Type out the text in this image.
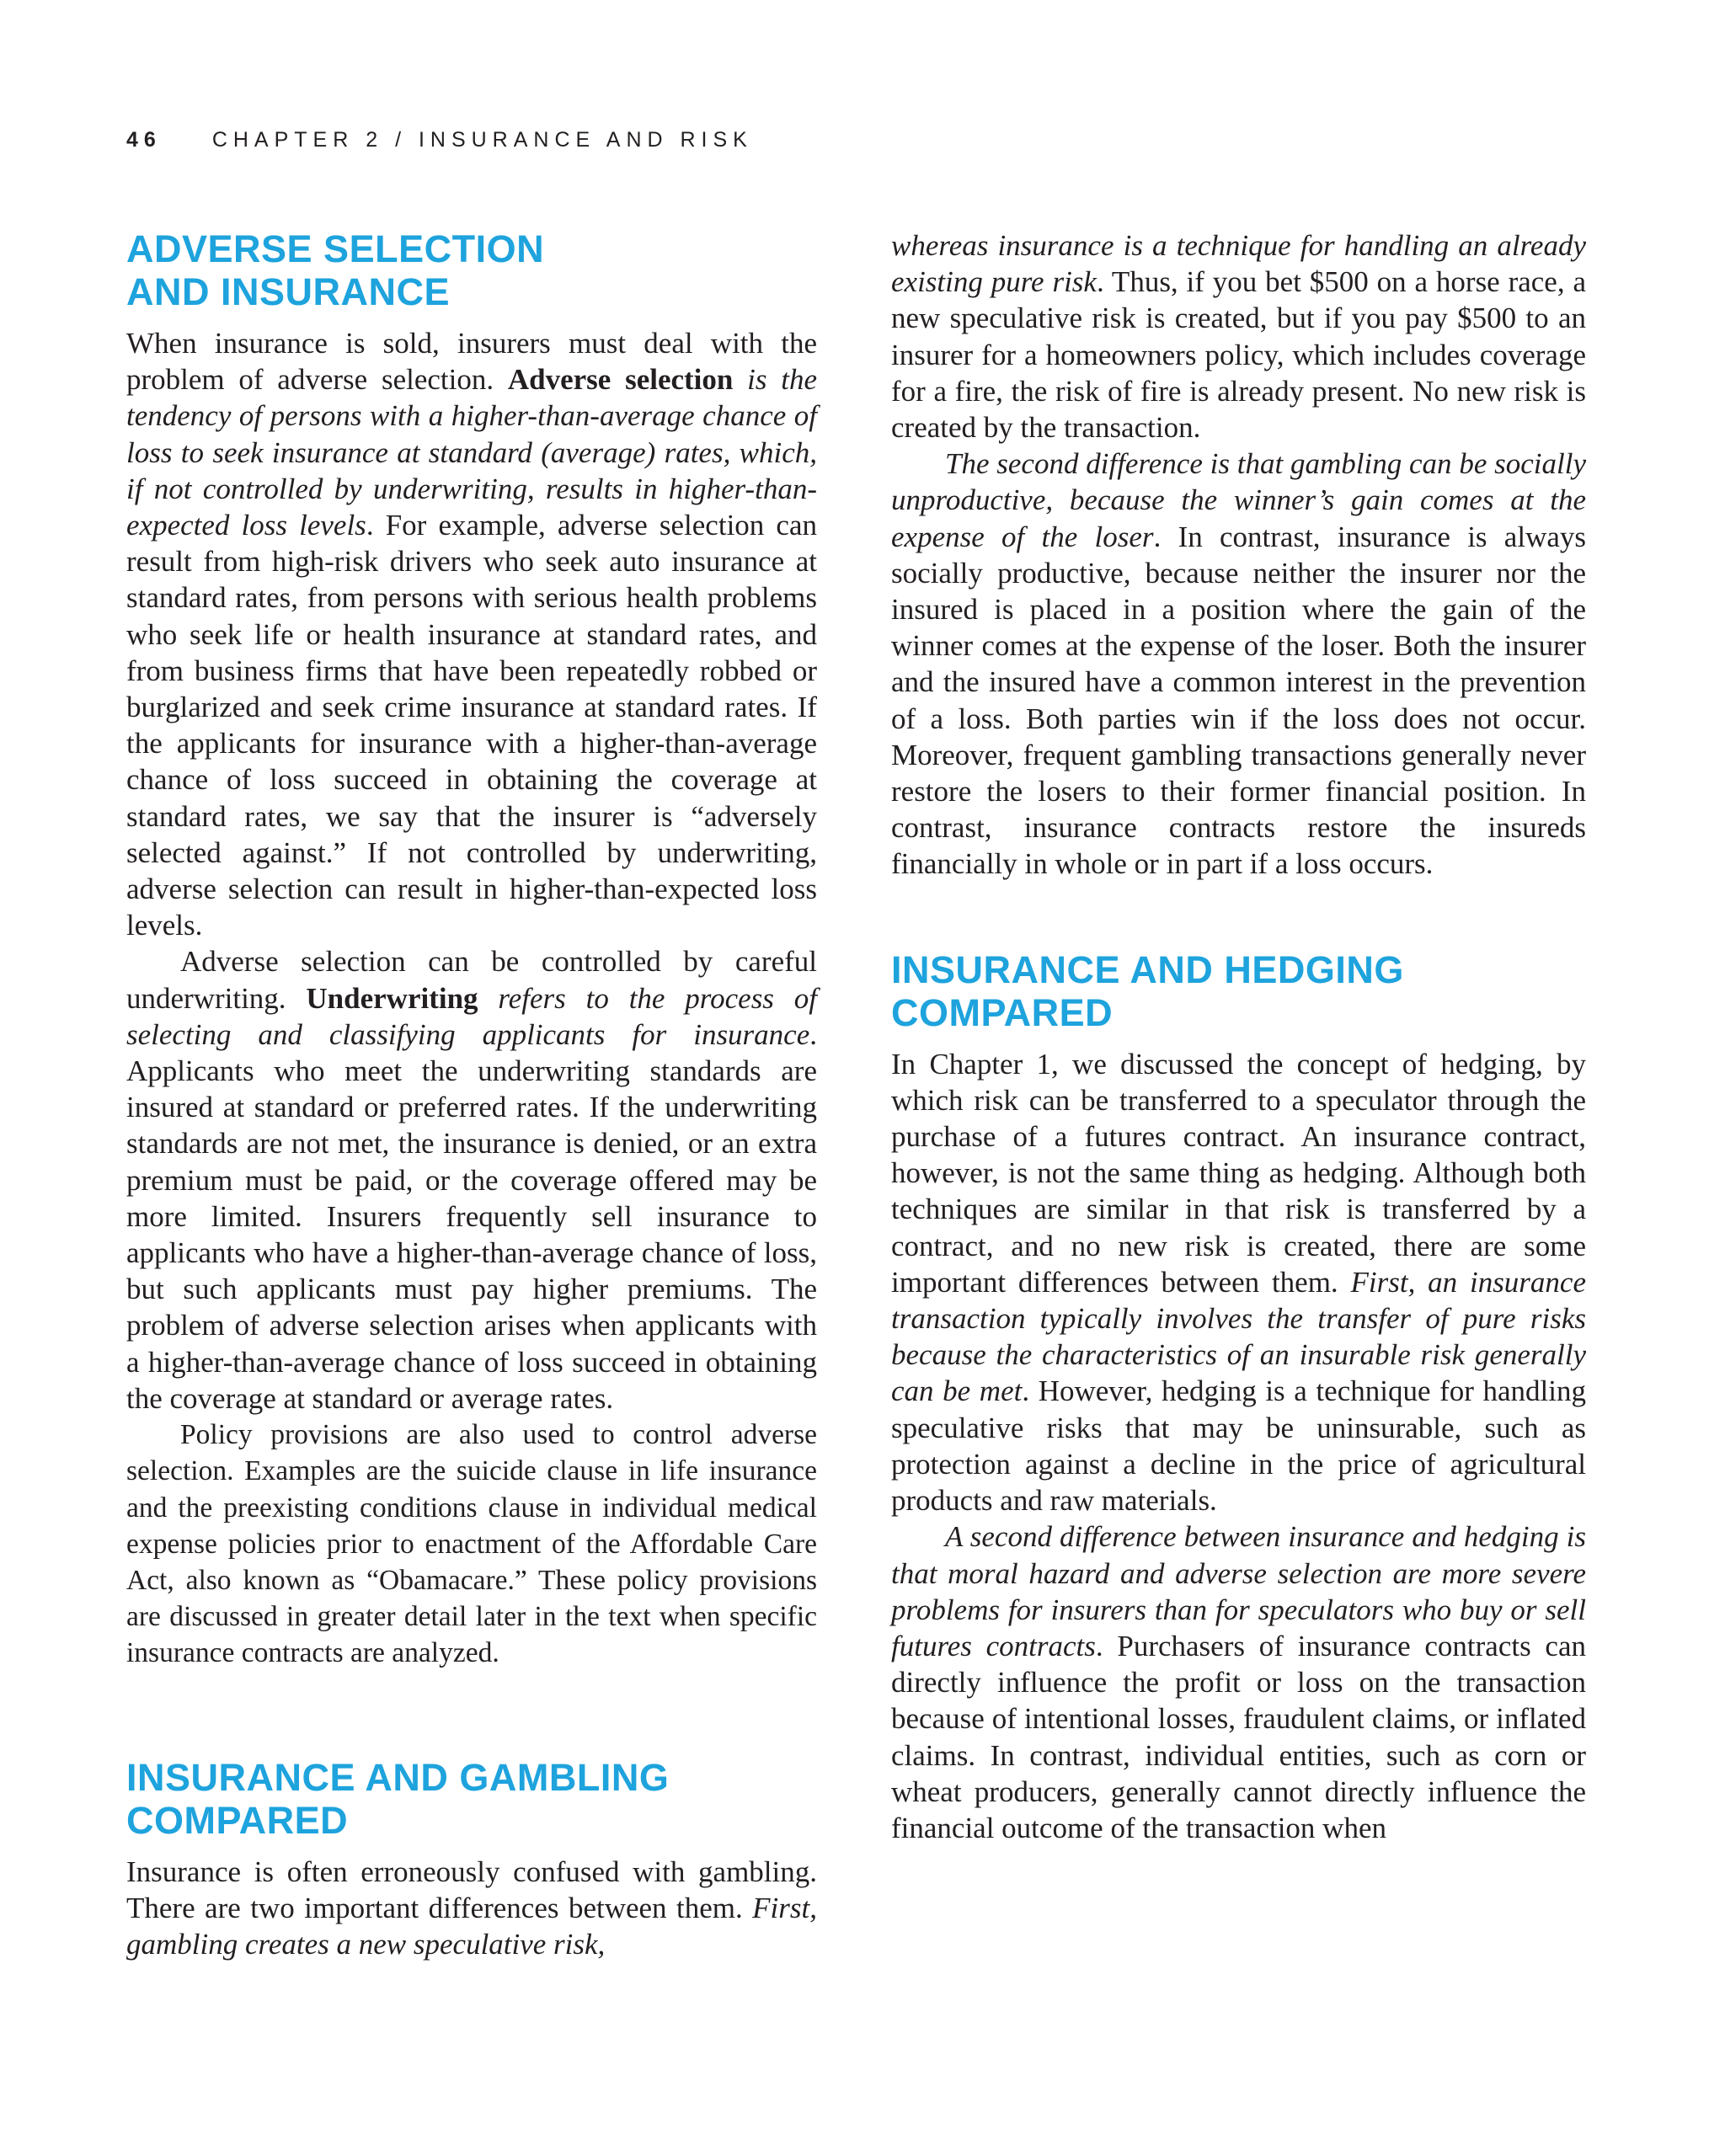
46 CHAPTER 2 / INSURANCE AND RISK
ADVERSE SELECTION
AND INSURANCE

When insurance is sold, insurers must deal with the problem of adverse selection. Adverse selection is the tendency of persons with a higher-than-average chance of loss to seek insurance at standard (average) rates, which, if not controlled by underwriting, results in higher-than-expected loss levels. For example, adverse selection can result from high-risk drivers who seek auto insurance at standard rates, from persons with serious health problems who seek life or health insurance at standard rates, and from business firms that have been repeatedly robbed or burglarized and seek crime insurance at standard rates. If the applicants for insurance with a higher-than-average chance of loss succeed in obtaining the coverage at standard rates, we say that the insurer is “adversely selected against.” If not controlled by underwriting, adverse selection can result in higher-than-expected loss levels.

Adverse selection can be controlled by careful underwriting. Underwriting refers to the process of selecting and classifying applicants for insurance. Applicants who meet the underwriting standards are insured at standard or preferred rates. If the underwriting standards are not met, the insurance is denied, or an extra premium must be paid, or the coverage offered may be more limited. Insurers frequently sell insurance to applicants who have a higher-than-average chance of loss, but such applicants must pay higher premiums. The problem of adverse selection arises when applicants with a higher-than-average chance of loss succeed in obtaining the coverage at standard or average rates.

Policy provisions are also used to control adverse selection. Examples are the suicide clause in life insurance and the preexisting conditions clause in individual medical expense policies prior to enactment of the Affordable Care Act, also known as “Obamacare.” These policy provisions are discussed in greater detail later in the text when specific insurance contracts are analyzed.

INSURANCE AND GAMBLING
COMPARED

Insurance is often erroneously confused with gambling. There are two important differences between them. First, gambling creates a new speculative risk,

whereas insurance is a technique for handling an already existing pure risk. Thus, if you bet $500 on a horse race, a new speculative risk is created, but if you pay $500 to an insurer for a homeowners policy, which includes coverage for a fire, the risk of fire is already present. No new risk is created by the transaction.

The second difference is that gambling can be socially unproductive, because the winner’s gain comes at the expense of the loser. In contrast, insurance is always socially productive, because neither the insurer nor the insured is placed in a position where the gain of the winner comes at the expense of the loser. Both the insurer and the insured have a common interest in the prevention of a loss. Both parties win if the loss does not occur. Moreover, frequent gambling transactions generally never restore the losers to their former financial position. In contrast, insurance contracts restore the insureds financially in whole or in part if a loss occurs.

INSURANCE AND HEDGING
COMPARED

In Chapter 1, we discussed the concept of hedging, by which risk can be transferred to a speculator through the purchase of a futures contract. An insurance contract, however, is not the same thing as hedging. Although both techniques are similar in that risk is transferred by a contract, and no new risk is created, there are some important differences between them. First, an insurance transaction typically involves the transfer of pure risks because the characteristics of an insurable risk generally can be met. However, hedging is a technique for handling speculative risks that may be uninsurable, such as protection against a decline in the price of agricultural products and raw materials.

A second difference between insurance and hedging is that moral hazard and adverse selection are more severe problems for insurers than for speculators who buy or sell futures contracts. Purchasers of insurance contracts can directly influence the profit or loss on the transaction because of intentional losses, fraudulent claims, or inflated claims. In contrast, individual entities, such as corn or wheat producers, generally cannot directly influence the financial outcome of the transaction when
